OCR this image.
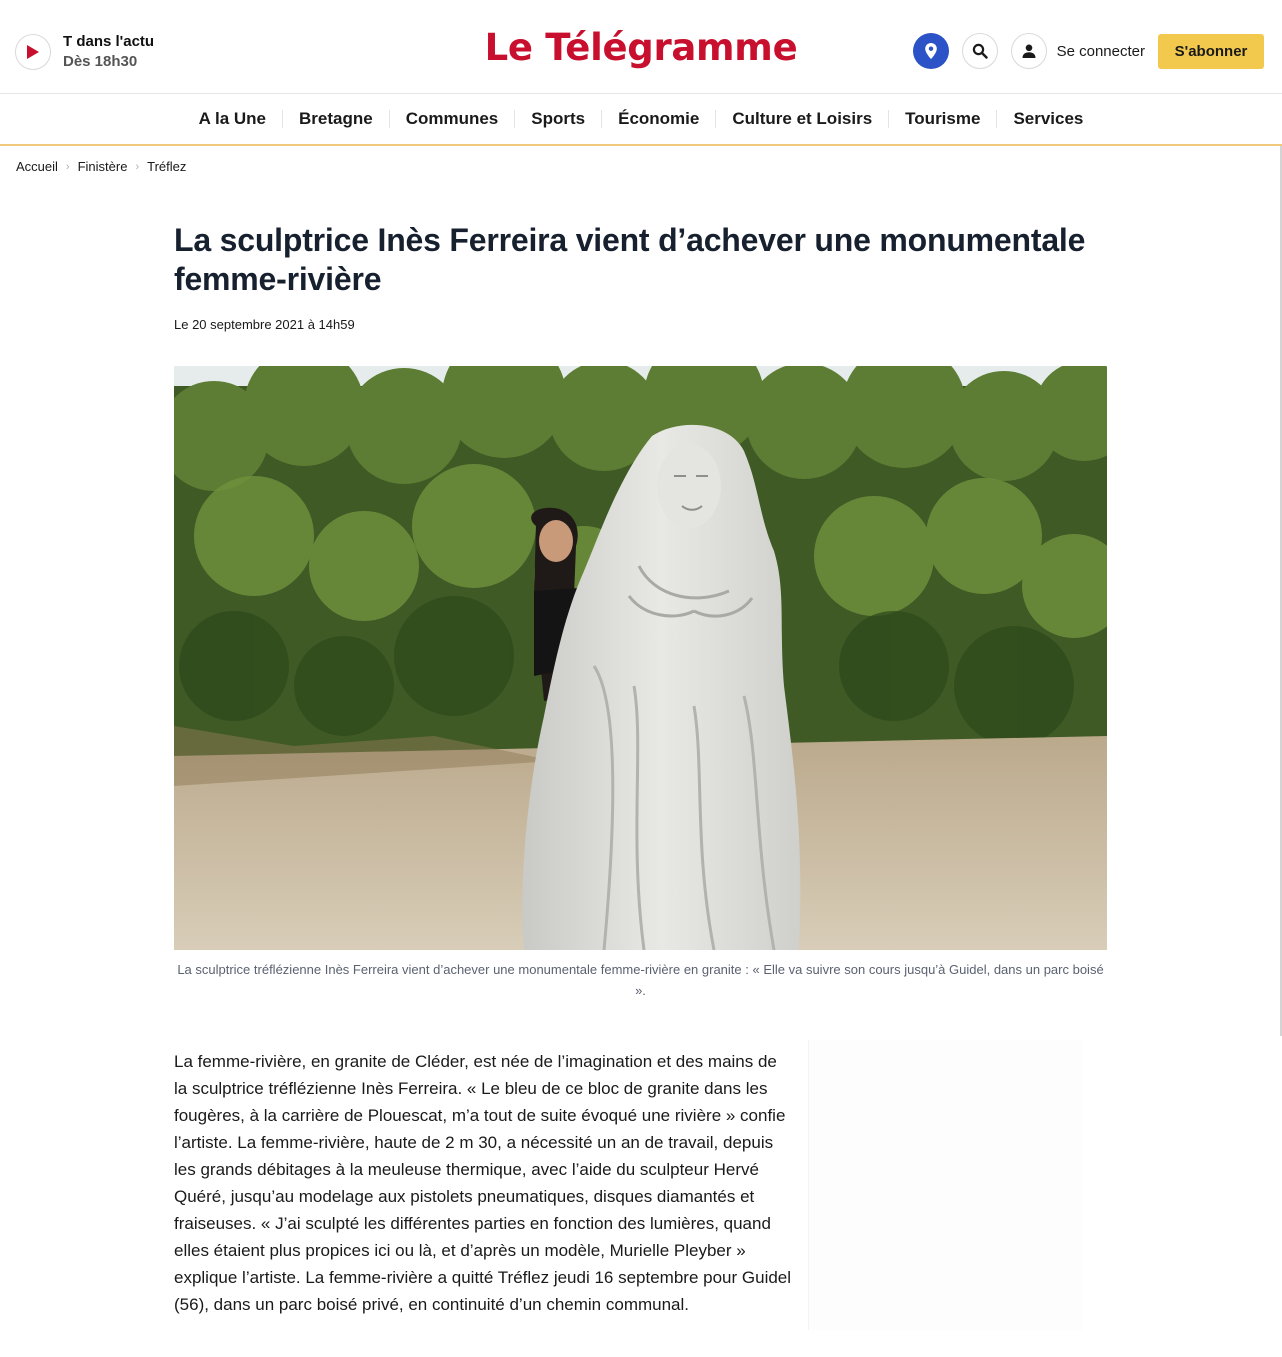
T dans l'actu
Dès 18h30	Le Télégramme	Se connecter	S'abonner
A la Une	Bretagne	Communes	Sports	Économie	Culture et Loisirs	Tourisme	Services
Accueil › Finistère › Tréflez
La sculptrice Inès Ferreira vient d’achever une monumentale femme-rivière
Le 20 septembre 2021 à 14h59
La sculptrice tréflézienne Inès Ferreira vient d’achever une monumentale femme-rivière en granite : « Elle va suivre son cours jusqu’à Guidel, dans un parc boisé ».

La femme-rivière, en granite de Cléder, est née de l’imagination et des mains de la sculptrice tréflézienne Inès Ferreira. « Le bleu de ce bloc de granite dans les fougères, à la carrière de Plouescat, m’a tout de suite évoqué une rivière » confie l’artiste. La femme-rivière, haute de 2 m 30, a nécessité un an de travail, depuis les grands débitages à la meuleuse thermique, avec l’aide du sculpteur Hervé Quéré, jusqu’au modelage aux pistolets pneumatiques, disques diamantés et fraiseuses. « J’ai sculpté les différentes parties en fonction des lumières, quand elles étaient plus propices ici ou là, et d’après un modèle, Murielle Pleyber » explique l’artiste. La femme-rivière a quitté Tréflez jeudi 16 septembre pour Guidel (56), dans un parc boisé privé, en continuité d’un chemin communal.
